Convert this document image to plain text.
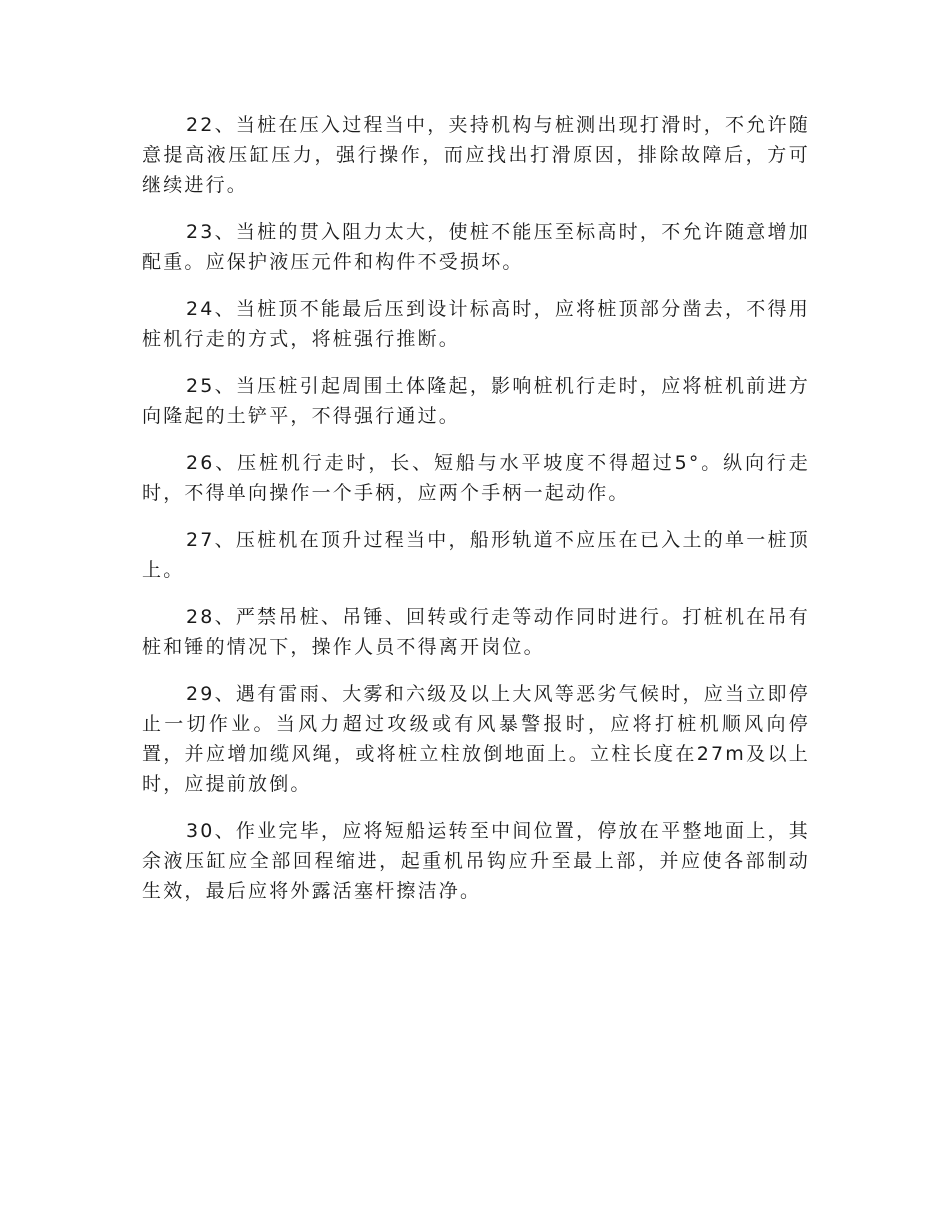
22、当桩在压入过程当中，夹持机构与桩测出现打滑时，不允许随意提高液压缸压力，强行操作，而应找出打滑原因，排除故障后，方可继续进行。

23、当桩的贯入阻力太大，使桩不能压至标高时，不允许随意增加配重。应保护液压元件和构件不受损坏。

24、当桩顶不能最后压到设计标高时，应将桩顶部分凿去，不得用桩机行走的方式，将桩强行推断。

25、当压桩引起周围土体隆起，影响桩机行走时，应将桩机前进方向隆起的土铲平，不得强行通过。

26、压桩机行走时，长、短船与水平坡度不得超过5°。纵向行走时，不得单向操作一个手柄，应两个手柄一起动作。

27、压桩机在顶升过程当中，船形轨道不应压在已入土的单一桩顶上。

28、严禁吊桩、吊锤、回转或行走等动作同时进行。打桩机在吊有桩和锤的情况下，操作人员不得离开岗位。

29、遇有雷雨、大雾和六级及以上大风等恶劣气候时，应当立即停止一切作业。当风力超过攻级或有风暴警报时，应将打桩机顺风向停置，并应增加缆风绳，或将桩立柱放倒地面上。立柱长度在27m及以上时，应提前放倒。

30、作业完毕，应将短船运转至中间位置，停放在平整地面上，其余液压缸应全部回程缩进，起重机吊钩应升至最上部，并应使各部制动生效，最后应将外露活塞杆擦洁净。
